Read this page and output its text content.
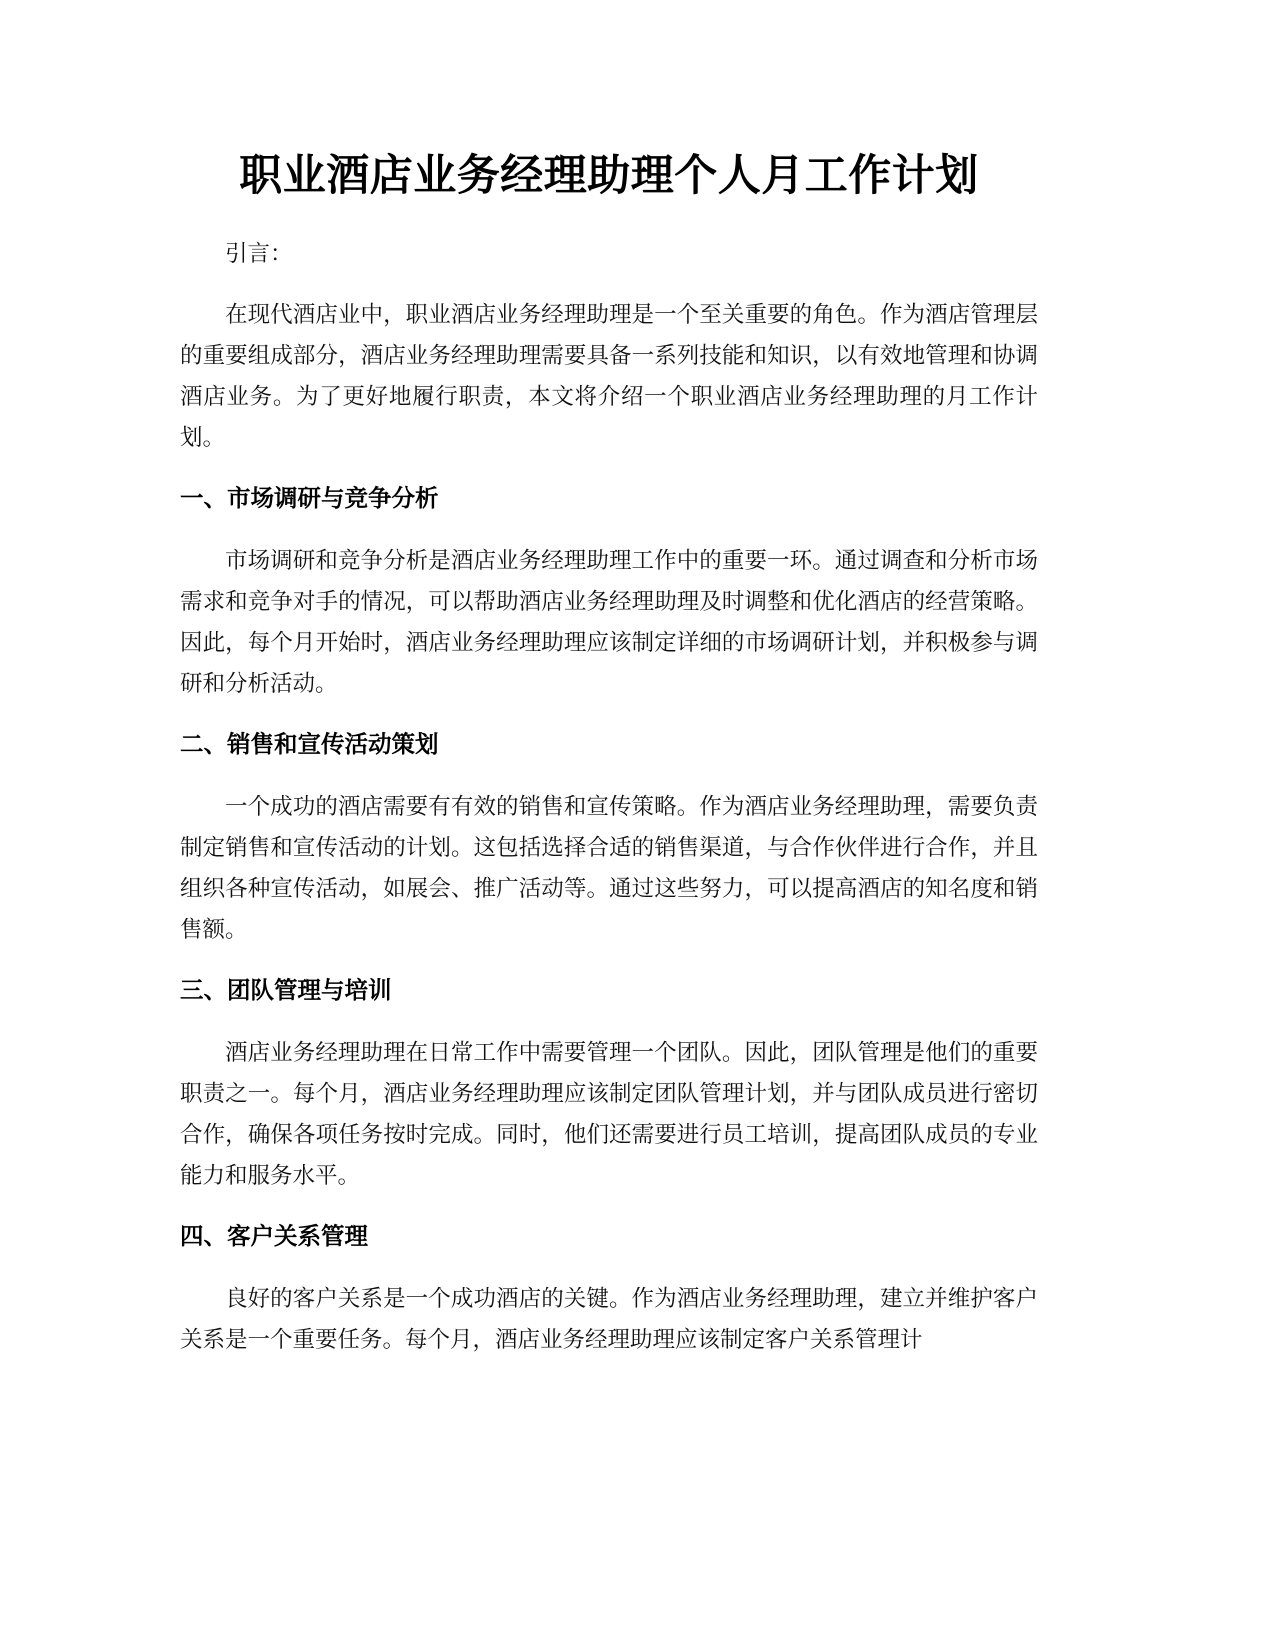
职业酒店业务经理助理个人月工作计划

引言：

在现代酒店业中，职业酒店业务经理助理是一个至关重要的角色。作为酒店管理层的重要组成部分，酒店业务经理助理需要具备一系列技能和知识，以有效地管理和协调酒店业务。为了更好地履行职责，本文将介绍一个职业酒店业务经理助理的月工作计划。

一、市场调研与竞争分析

市场调研和竞争分析是酒店业务经理助理工作中的重要一环。通过调查和分析市场需求和竞争对手的情况，可以帮助酒店业务经理助理及时调整和优化酒店的经营策略。因此，每个月开始时，酒店业务经理助理应该制定详细的市场调研计划，并积极参与调研和分析活动。

二、销售和宣传活动策划

一个成功的酒店需要有有效的销售和宣传策略。作为酒店业务经理助理，需要负责制定销售和宣传活动的计划。这包括选择合适的销售渠道，与合作伙伴进行合作，并且组织各种宣传活动，如展会、推广活动等。通过这些努力，可以提高酒店的知名度和销售额。

三、团队管理与培训

酒店业务经理助理在日常工作中需要管理一个团队。因此，团队管理是他们的重要职责之一。每个月，酒店业务经理助理应该制定团队管理计划，并与团队成员进行密切合作，确保各项任务按时完成。同时，他们还需要进行员工培训，提高团队成员的专业能力和服务水平。

四、客户关系管理

良好的客户关系是一个成功酒店的关键。作为酒店业务经理助理，建立并维护客户关系是一个重要任务。每个月，酒店业务经理助理应该制定客户关系管理计
